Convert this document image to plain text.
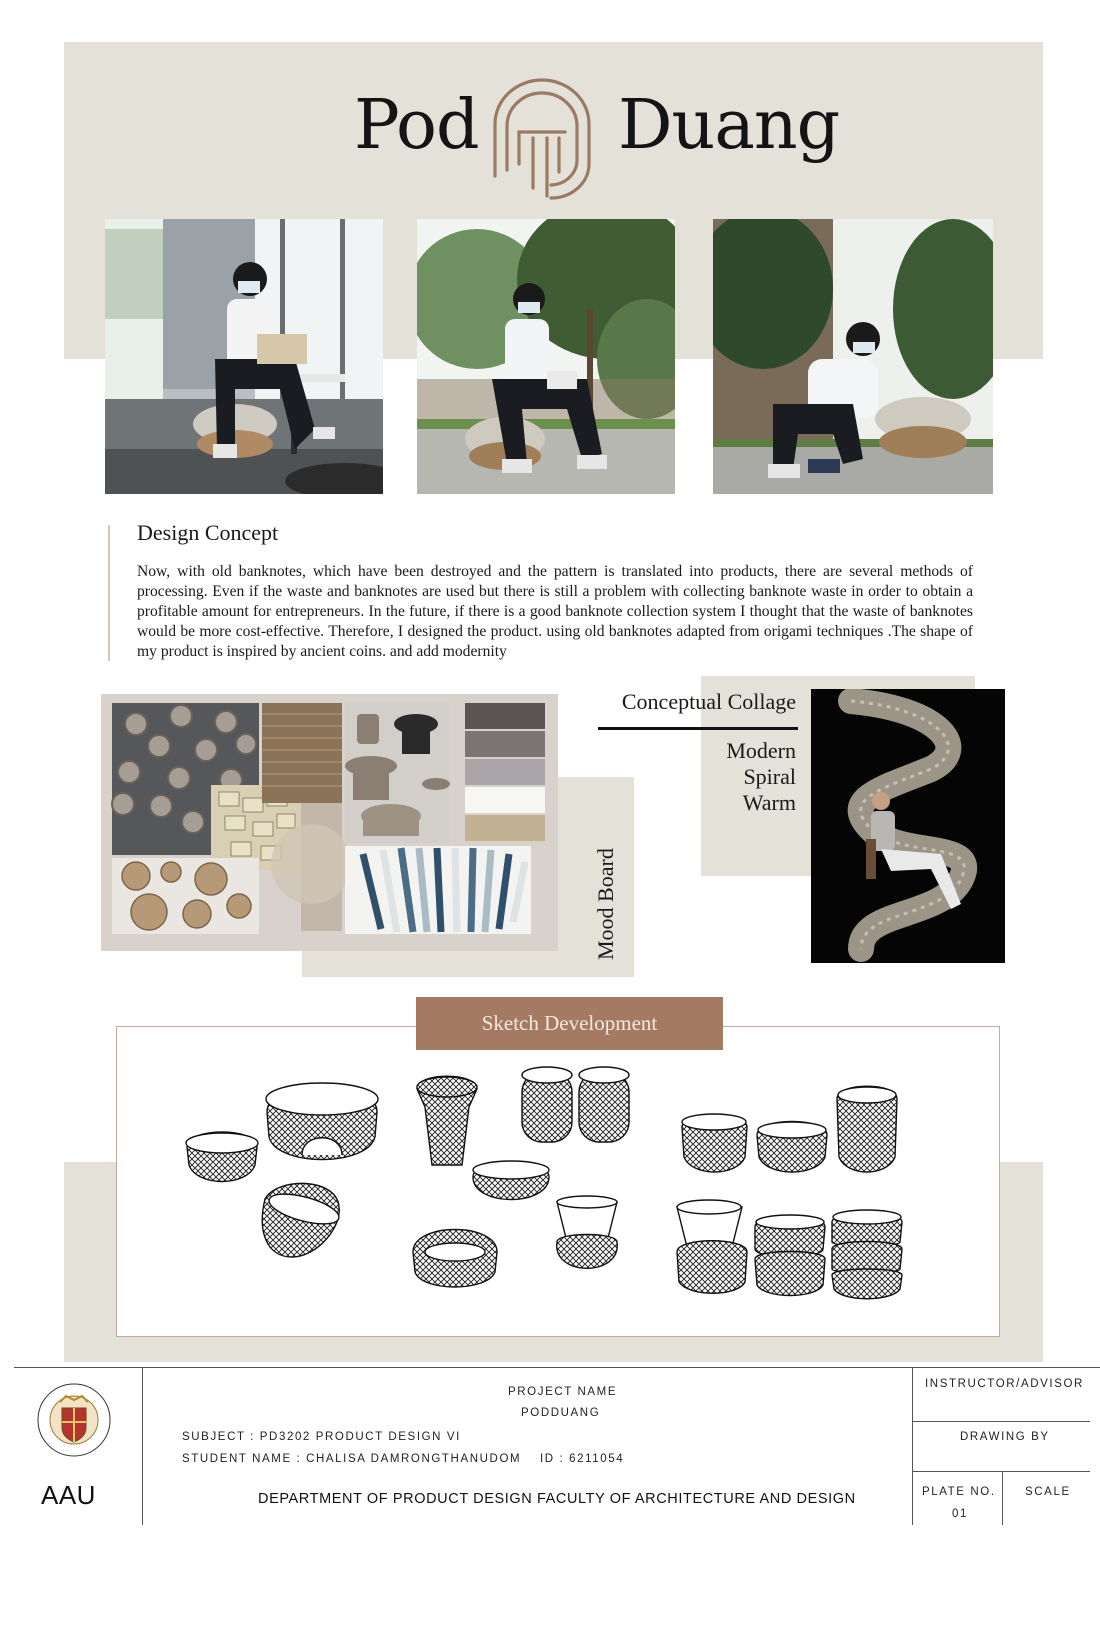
Pod Duang
Design Concept
Now, with old banknotes, which have been destroyed and the pattern is translated into products, there are several methods of processing. Even if the waste and banknotes are used but there is still a problem with collecting banknote waste in order to obtain a profitable amount for entrepreneurs. In the future, if there is a good banknote collection system I thought that the waste of banknotes would be more cost-effective. Therefore, I designed the product. using old banknotes adapted from origami techniques .The shape of my product is inspired by ancient coins. and add modernity
Mood Board
Conceptual Collage
Modern
Spiral
Warm
Sketch Development
AAU
PROJECT NAME
PODDUANG
SUBJECT : PD3202 PRODUCT DESIGN VI
STUDENT NAME : CHALISA DAMRONGTHANUDOM ID : 6211054
DEPARTMENT OF PRODUCT DESIGN FACULTY OF ARCHITECTURE AND DESIGN
INSTRUCTOR/ADVISOR
DRAWING BY
PLATE NO.
01
SCALE
